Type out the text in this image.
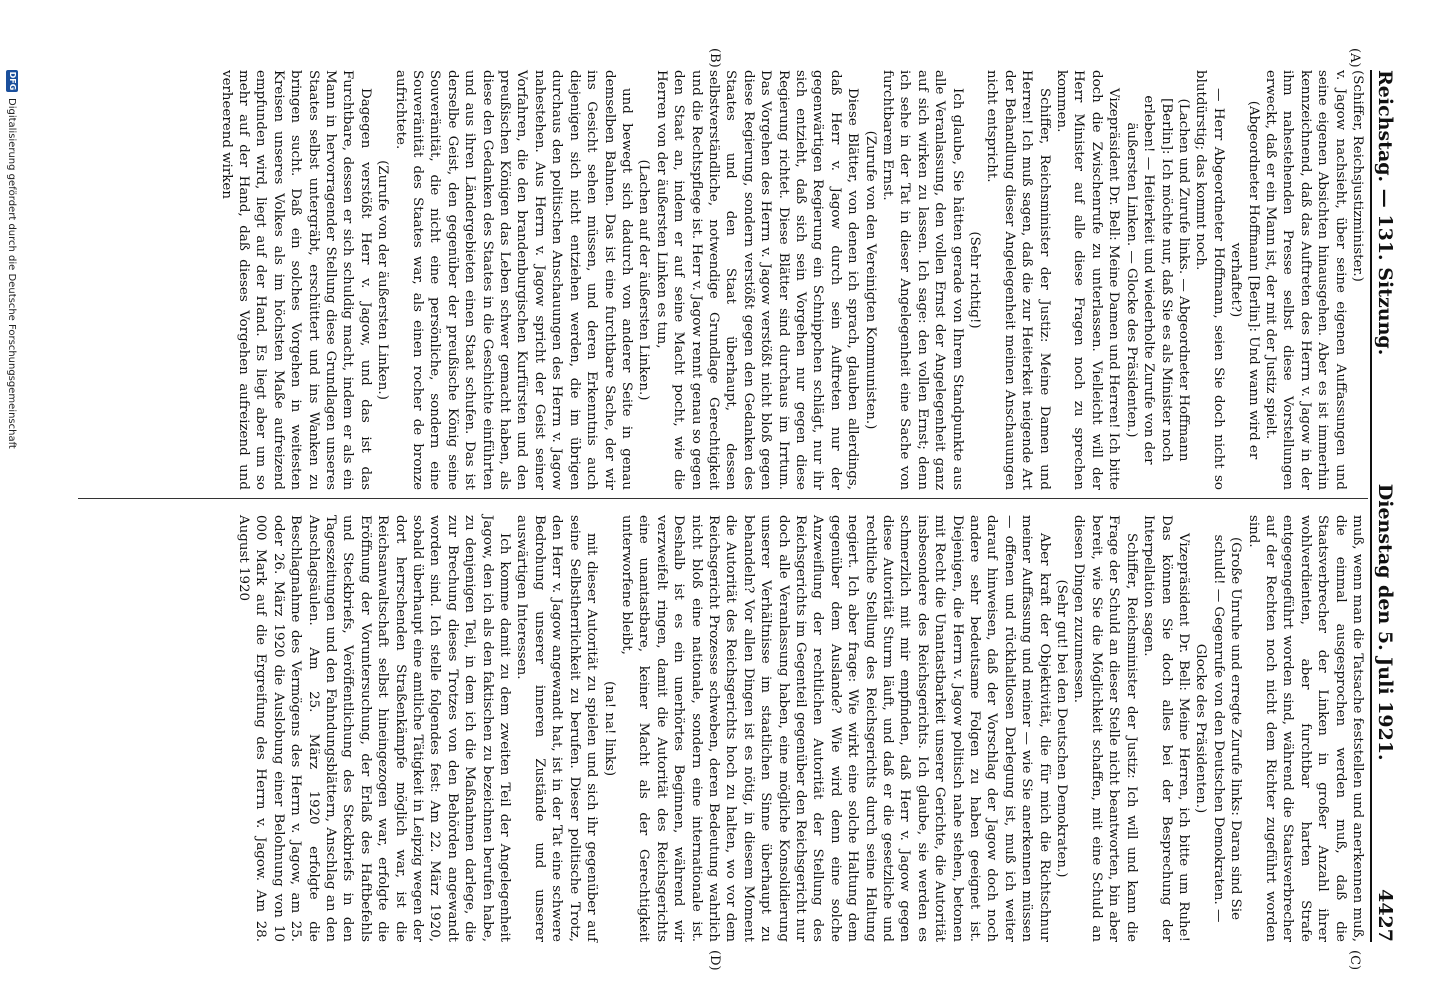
Reichstag. — 131. Sitzung.
Dienstag den 5. Juli 1921.
4427
(A)
(B)
(C)
(D)

(Schiffer, Reichsjustizminister.)

v. Jagow nachsieht, über seine eigenen Auffassungen und seine eigenen Absichten hinausgehen. Aber es ist immerhin kennzeichnend, daß das Auftreten des Herrn v. Jagow in der ihm nahestehenden Presse selbst diese Vorstellungen erweckt, daß er ein Mann ist, der mit der Justiz spielt.

(Abgeordneter Hoffmann [Berlin]: Und wann wird er verhaftet?)

— Herr Abgeordneter Hoffmann, seien Sie doch nicht so blutdürstig; das kommt noch.

(Lachen und Zurufe links. — Abgeordneter Hoffmann [Berlin]: Ich möchte nur, daß Sie es als Minister noch erleben! — Heiterkeit und wiederholte Zurufe von der äußersten Linken. — Glocke des Präsidenten.)

Vizepräsident Dr. Bell: Meine Damen und Herren! Ich bitte doch die Zwischenrufe zu unterlassen. Vielleicht will der Herr Minister auf alle diese Fragen noch zu sprechen kommen.

Schiffer, Reichsminister der Justiz: Meine Damen und Herren! Ich muß sagen, daß die zur Heiterkeit neigende Art der Behandlung dieser Angelegenheit meinen Anschauungen nicht entspricht.

(Sehr richtig!)

Ich glaube, Sie hätten gerade von Ihrem Standpunkte aus alle Veranlassung, den vollen Ernst der Angelegenheit ganz auf sich wirken zu lassen. Ich sage: den vollen Ernst; denn ich sehe in der Tat in dieser Angelegenheit eine Sache von furchtbarem Ernst.

(Zurufe von den Vereinigten Kommunisten.)

Diese Blätter, von denen ich sprach, glauben allerdings, daß Herr v. Jagow durch sein Auftreten nur der gegenwärtigen Regierung ein Schnippchen schlägt, nur ihr sich entzieht, daß sich sein Vorgehen nur gegen diese Regierung richtet. Diese Blätter sind durchaus im Irrtum. Das Vorgehen des Herrn v. Jagow verstößt nicht bloß gegen diese Regierung, sondern verstößt gegen den Gedanken des Staates und den Staat überhaupt, dessen selbstverständliche, notwendige Grundlage Gerechtigkeit und die Rechtspflege ist. Herr v. Jagow rennt genau so gegen den Staat an, indem er auf seine Macht pocht, wie die Herren von der äußersten Linken es tun,

(Lachen auf der äußersten Linken.)

und bewegt sich dadurch von anderer Seite in genau demselben Bahnen. Das ist eine furchtbare Sache, der wir ins Gesicht sehen müssen, und deren Erkenntnis auch diejenigen sich nicht entziehen werden, die im übrigen durchaus den politischen Anschauungen des Herrn v. Jagow nahestehen. Aus Herrn v. Jagow spricht der Geist seiner Vorfahren, die den brandenburgischen Kurfürsten und den preußischen Königen das Leben schwer gemacht haben, als diese den Gedanken des Staates in die Geschichte einführten und aus ihren Ländergebieten einen Staat schufen. Das ist derselbe Geist, den gegenüber der preußische König seine Souveränität, die nicht eine persönliche, sondern eine Souveränität des Staates war, als einen rocher de bronze aufrichtete.

(Zurufe von der äußersten Linken.)

Dagegen verstößt Herr v. Jagow, und das ist das Furchtbare, dessen er sich schuldig macht, indem er als ein Mann in hervorragender Stellung diese Grundlagen unseres Staates selbst untergräbt, erschüttert und ins Wanken zu bringen sucht. Daß ein solches Vorgehen in weitesten Kreisen unseres Volkes als im höchsten Maße aufreizend empfunden wird, liegt auf der Hand. Es liegt aber um so mehr auf der Hand, daß dieses Vorgehen aufreizend und verheerend wirken

muß, wenn man die Tatsache feststellen und anerkennen muß, die einmal ausgesprochen werden muß, daß die Staatsverbrecher der Linken in großer Anzahl ihrer wohlverdienten, aber furchtbar harten Strafe entgegengeführt worden sind, während die Staatsverbrecher auf der Rechten noch nicht dem Richter zugeführt worden sind.

(Große Unruhe und erregte Zurufe links: Daran sind Sie schuld! — Gegenrufe von den Deutschen Demokraten. — Glocke des Präsidenten.)

Vizepräsident Dr. Bell: Meine Herren, ich bitte um Ruhe! Das können Sie doch alles bei der Besprechung der Interpellation sagen.

Schiffer, Reichsminister der Justiz: Ich will und kann die Frage der Schuld an dieser Stelle nicht beantworten, bin aber bereit, wie Sie die Möglichkeit schaffen, mit eine Schuld an diesen Dingen zuzumessen.

(Sehr gut! bei den Deutschen Demokraten.)

Aber kraft der Objektivität, die für mich die Richtschnur meiner Auffassung und meiner — wie Sie anerkennen müssen — offenen und rückhaltlosen Darlegung ist, muß ich weiter darauf hinweisen, daß der Vorschlag der Jagow doch noch andere sehr bedeutsame Folgen zu haben geeignet ist. Diejenigen, die Herrn v. Jagow politisch nahe stehen, betonen mit Recht die Unantastbarkeit unserer Gerichte, die Autorität insbesondere des Reichsgerichts. Ich glaube, sie werden es schmerzlich mit mir empfinden, daß Herr v. Jagow gegen diese Autorität Sturm läuft, und daß er die gesetzliche und rechtliche Stellung des Reichsgerichts durch seine Haltung negiert. Ich aber frage: Wie wirkt eine solche Haltung dem gegenüber dem Auslande? Wie wird denn eine solche Anzweiflung der rechtlichen Autorität der Stellung des Reichsgerichts im Gegenteil gegenüber den Reichsgericht nur doch alle Veranlassung haben, eine mögliche Konsolidierung unserer Verhältnisse im staatlichen Sinne überhaupt zu behandeln? Vor allen Dingen ist es nötig, in diesem Moment die Autorität des Reichsgerichts hoch zu halten, wo vor dem Reichsgericht Prozesse schweben, deren Bedeutung wahrlich nicht bloß eine nationale, sondern eine internationale ist. Deshalb ist es ein unerhörtes Beginnen, während wir verzweifelt ringen, damit die Autorität des Reichsgerichts eine unantastbare, keiner Macht als der Gerechtigkeit unterworfene bleibt,

(na! na! links)

mit dieser Autorität zu spielen und sich ihr gegenüber auf seine Selbstherrlichkeit zu berufen. Dieser politische Trotz, den Herr v. Jagow angewandt hat, ist in der Tat eine schwere Bedrohung unserer inneren Zustände und unserer auswärtigen Interessen.

Ich komme damit zu dem zweiten Teil der Angelegenheit Jagow, den ich als den faktischen zu bezeichnen berufen habe, zu denjenigen Teil, in dem ich die Maßnahmen darlege, die zur Brechung dieses Trotzes von den Behörden angewandt worden sind. Ich stelle folgendes fest: Am 22. März 1920, sobald überhaupt eine amtliche Tätigkeit in Leipzig wegen der dort herrschenden Straßenkämpfe möglich war, ist die Reichsanwaltschaft selbst hineingezogen war, erfolgte die Eröffnung der Voruntersuchung, der Erlaß des Haftbefehls und Steckbriefs, Veröffentlichung des Steckbriefs in den Tageszeitungen und den Fahndungsblättern, Anschlag an den Anschlagsäulen. Am 25. März 1920 erfolgte die Beschlagnahme des Vermögens des Herrn v. Jagow, am 25. oder 26. März 1920 die Auslobung einer Belohnung von 10 000 Mark auf die Ergreifung des Herrn v. Jagow. Am 28. August 1920

DFG
Digitalisierung gefördert durch die Deutsche Forschungsgemeinschaft
